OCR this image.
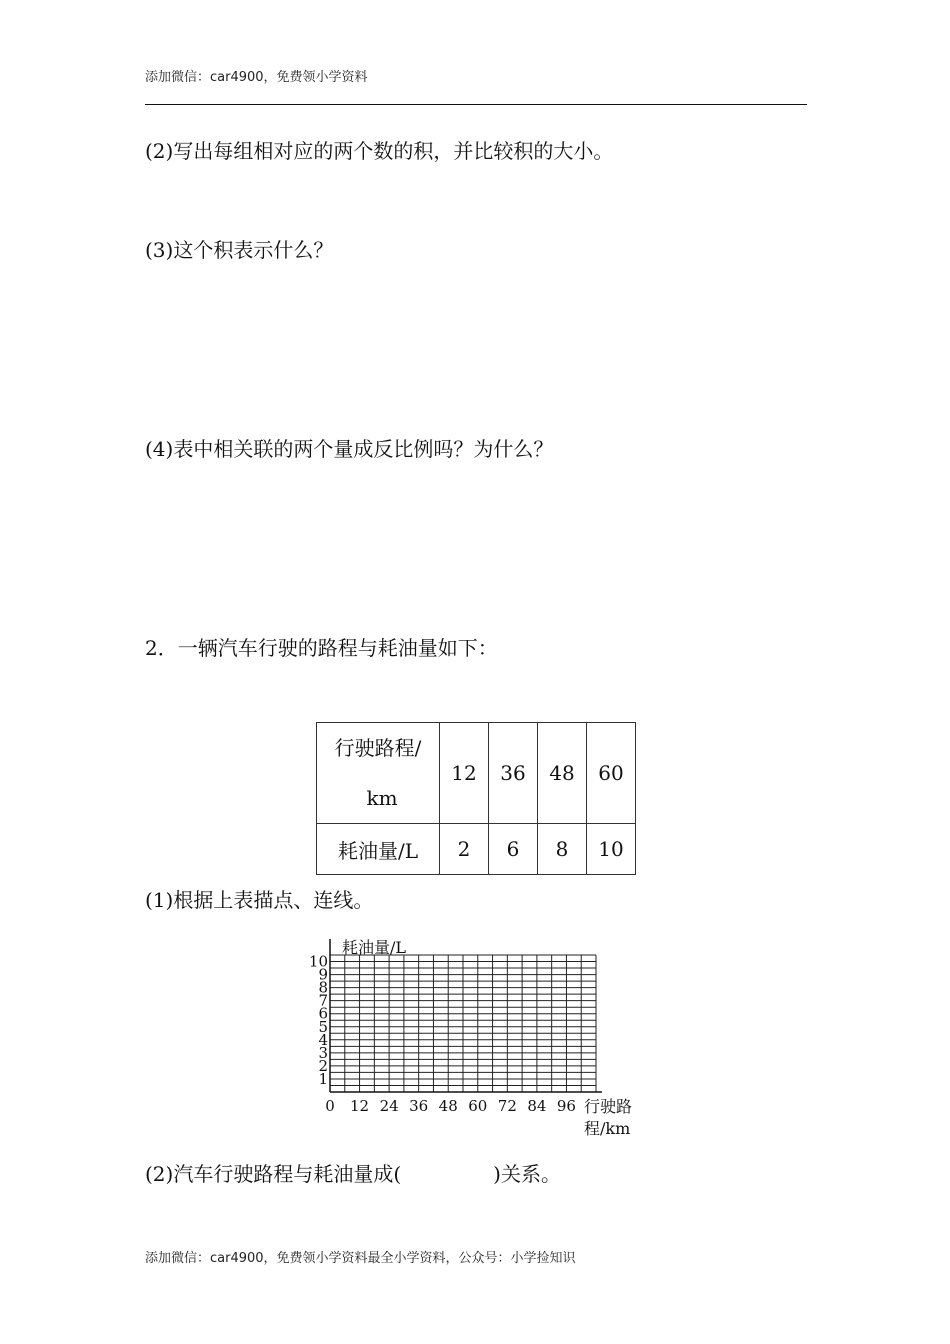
添加微信：car4900，免费领小学资料
(2)写出每组相对应的两个数的积，并比较积的大小。
(3)这个积表示什么？
(4)表中相关联的两个量成反比例吗？为什么？
2．一辆汽车行驶的路程与耗油量如下：
行驶路程/
km	12	36	48	60
耗油量/L	2	6	8	10
(1)根据上表描点、连线。
1
2
3
4
5
6
7
8
9
10
12 24 36 48 60 72 84 96
0
耗油量/L
行驶路
程/km
(2)汽车行驶路程与耗油量成(	)关系。
添加微信：car4900，免费领小学资料最全小学资料，公众号：小学捡知识
